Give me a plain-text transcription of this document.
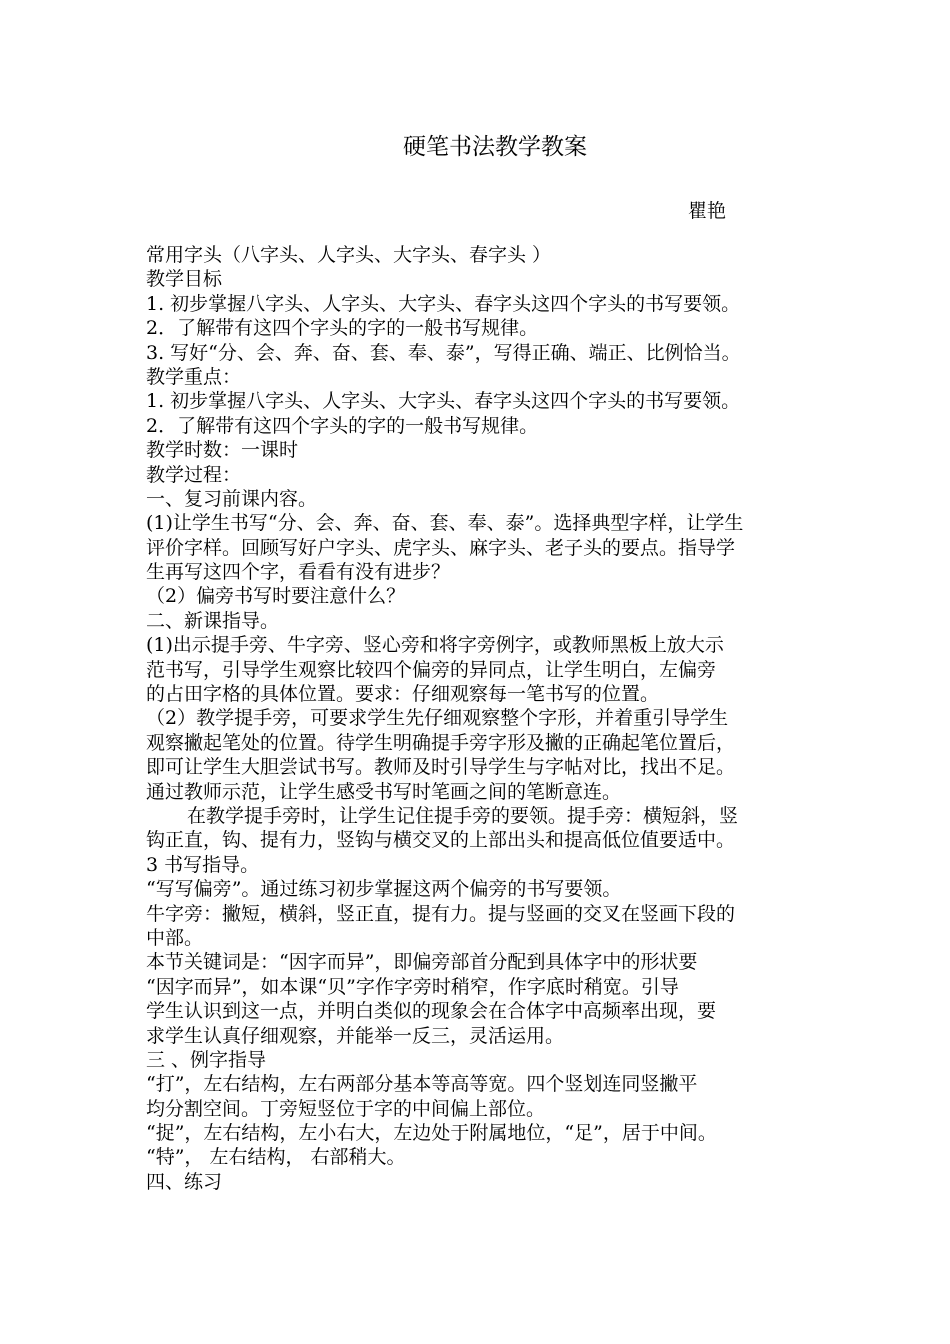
硬笔书法教学教案
瞿艳
常用字头（八字头、人字头、大字头、春字头 ）
教学目标
1. 初步掌握八字头、人字头、大字头、春字头这四个字头的书写要领。
2．了解带有这四个字头的字的一般书写规律。
3. 写好“分、会、奔、奋、套、奉、泰”，写得正确、端正、比例恰当。
教学重点：
1. 初步掌握八字头、人字头、大字头、春字头这四个字头的书写要领。
2．了解带有这四个字头的字的一般书写规律。
教学时数：一课时
教学过程：
一、复习前课内容。
(1)让学生书写“分、会、奔、奋、套、奉、泰”。选择典型字样，让学生
评价字样。回顾写好户字头、虎字头、麻字头、老子头的要点。指导学
生再写这四个字，看看有没有进步？
（2）偏旁书写时要注意什么？
二、新课指导。
(1)出示提手旁、牛字旁、竖心旁和将字旁例字，或教师黑板上放大示
范书写，引导学生观察比较四个偏旁的异同点，让学生明白，左偏旁
的占田字格的具体位置。要求：仔细观察每一笔书写的位置。
（2）教学提手旁，可要求学生先仔细观察整个字形，并着重引导学生
观察撇起笔处的位置。待学生明确提手旁字形及撇的正确起笔位置后，
即可让学生大胆尝试书写。教师及时引导学生与字帖对比，找出不足。
通过教师示范，让学生感受书写时笔画之间的笔断意连。
在教学提手旁时，让学生记住提手旁的要领。提手旁：横短斜，竖
钩正直，钩、提有力，竖钩与横交叉的上部出头和提高低位值要适中。
3 书写指导。
“写写偏旁”。通过练习初步掌握这两个偏旁的书写要领。
牛字旁：撇短，横斜，竖正直，提有力。提与竖画的交叉在竖画下段的
中部。
本节关键词是：“因字而异”，即偏旁部首分配到具体字中的形状要
“因字而异”，如本课“贝”字作字旁时稍窄，作字底时稍宽。引导
学生认识到这一点，并明白类似的现象会在合体字中高频率出现，要
求学生认真仔细观察，并能举一反三，灵活运用。
三 、例字指导
“打”，左右结构，左右两部分基本等高等宽。四个竖划连同竖撇平
均分割空间。丁旁短竖位于字的中间偏上部位。
“捉”，左右结构，左小右大，左边处于附属地位，“足”，居于中间。
“特”， 左右结构， 右部稍大。
四、练习
